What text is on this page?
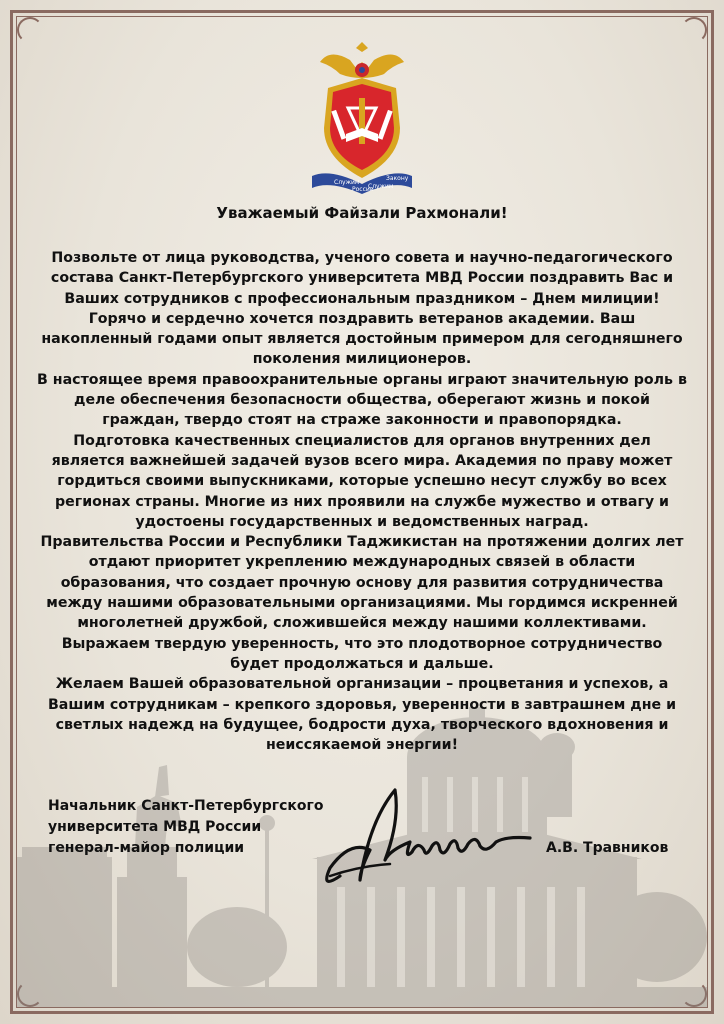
Служим
России
Служим
Закону
Уважаемый Файзали Рахмонали!

Позвольте от лица руководства, ученого совета и научно-педагогического состава Санкт-Петербургского университета МВД России поздравить Вас и Ваших сотрудников с профессиональным праздником – Днем милиции! Горячо и сердечно хочется поздравить ветеранов академии. Ваш накопленный годами опыт является достойным примером для сегодняшнего поколения милиционеров.

В настоящее время правоохранительные органы играют значительную роль в деле обеспечения безопасности общества, оберегают жизнь и покой граждан, твердо стоят на страже законности и правопорядка.

Подготовка качественных специалистов для органов внутренних дел является важнейшей задачей вузов всего мира. Академия по праву может гордиться своими выпускниками, которые успешно несут службу во всех регионах страны. Многие из них проявили на службе мужество и отвагу и удостоены государственных и ведомственных наград.

Правительства России и Республики Таджикистан на протяжении долгих лет отдают приоритет укреплению международных связей в области образования, что создает прочную основу для развития сотрудничества между нашими образовательными организациями. Мы гордимся искренней многолетней дружбой, сложившейся между нашими коллективами.

Выражаем твердую уверенность, что это плодотворное сотрудничество будет продолжаться и дальше.

Желаем Вашей образовательной организации – процветания и успехов, а Вашим сотрудникам – крепкого здоровья, уверенности в завтрашнем дне и светлых надежд на будущее, бодрости духа, творческого вдохновения и неиссякаемой энергии!

Начальник Санкт-Петербургского
университета МВД России
генерал-майор полиции	А.В. Травников
